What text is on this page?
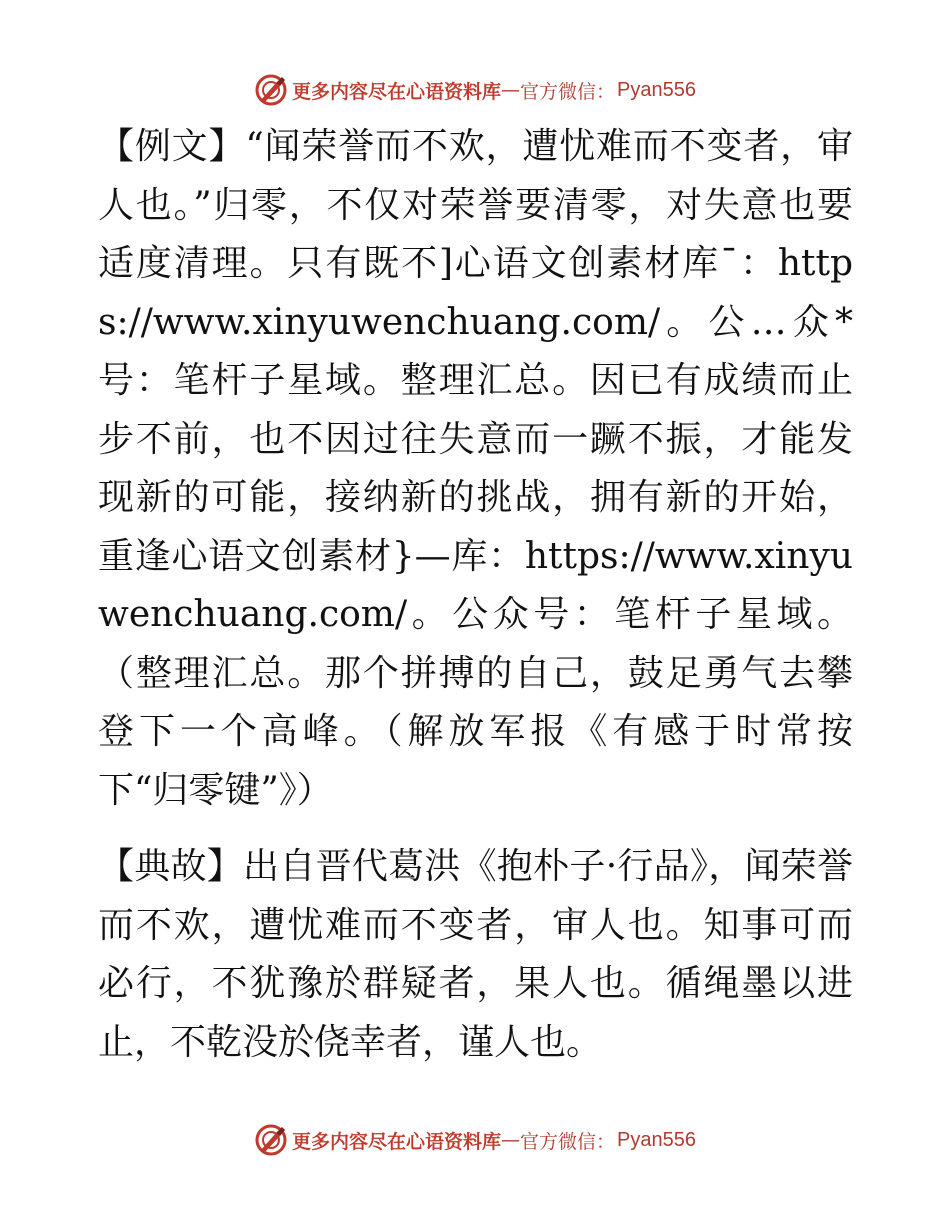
更多内容尽在心语资料库 — 官方微信： Pyan556

【例文】“闻荣誉而不欢，遭忧难而不变者，审人也。”归零，不仅对荣誉要清零，对失意也要适度清理。只有既不]心语文创素材库¯：https://www.xinyuwenchuang.com/。公…众*号：笔杆子星域。整理汇总。因已有成绩而止步不前，也不因过往失意而一蹶不振，才能发现新的可能，接纳新的挑战，拥有新的开始，重逢心语文创素材}—库：https://www.xinyuwenchuang.com/。公众号：笔杆子星域。（整理汇总。那个拼搏的自己，鼓足勇气去攀登下一个高峰。（解放军报《有感于时常按下“归零键”》）

【典故】出自晋代葛洪《抱朴子·行品》，闻荣誉而不欢，遭忧难而不变者，审人也。知事可而必行，不犹豫於群疑者，果人也。循绳墨以进止，不乾没於侥幸者，谨人也。

更多内容尽在心语资料库 — 官方微信： Pyan556
